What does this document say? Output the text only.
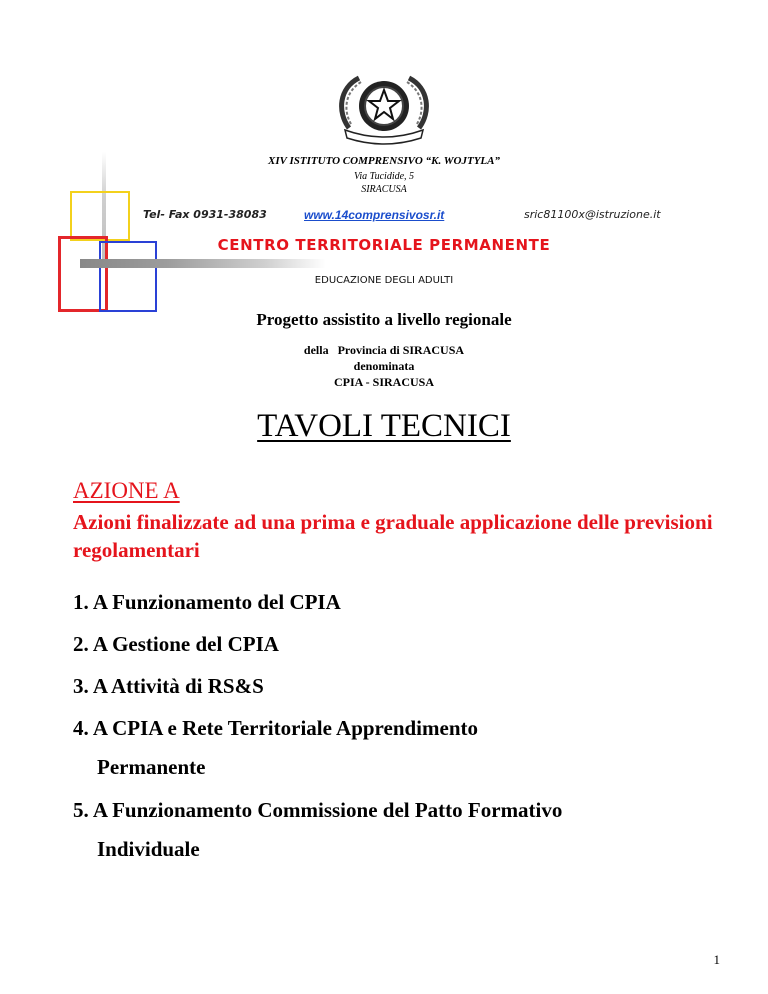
XIV ISTITUTO COMPRENSIVO “K. WOJTYLA”
Via Tucidide, 5
SIRACUSA
Tel- Fax 0931-38083	www.14comprensivosr.it	sric81100x@istruzione.it
CENTRO TERRITORIALE PERMANENTE
EDUCAZIONE DEGLI ADULTI
Progetto assistito a livello regionale
della   Provincia di SIRACUSA
denominata
CPIA - SIRACUSA
TAVOLI TECNICI
AZIONE A
Azioni finalizzate ad una prima e graduale applicazione delle previsioni regolamentari
1. A Funzionamento del CPIA
2. A Gestione del CPIA
3. A Attività di RS&S
4. A CPIA e Rete Territoriale Apprendimento
Permanente
5. A Funzionamento Commissione del Patto Formativo
Individuale
1
